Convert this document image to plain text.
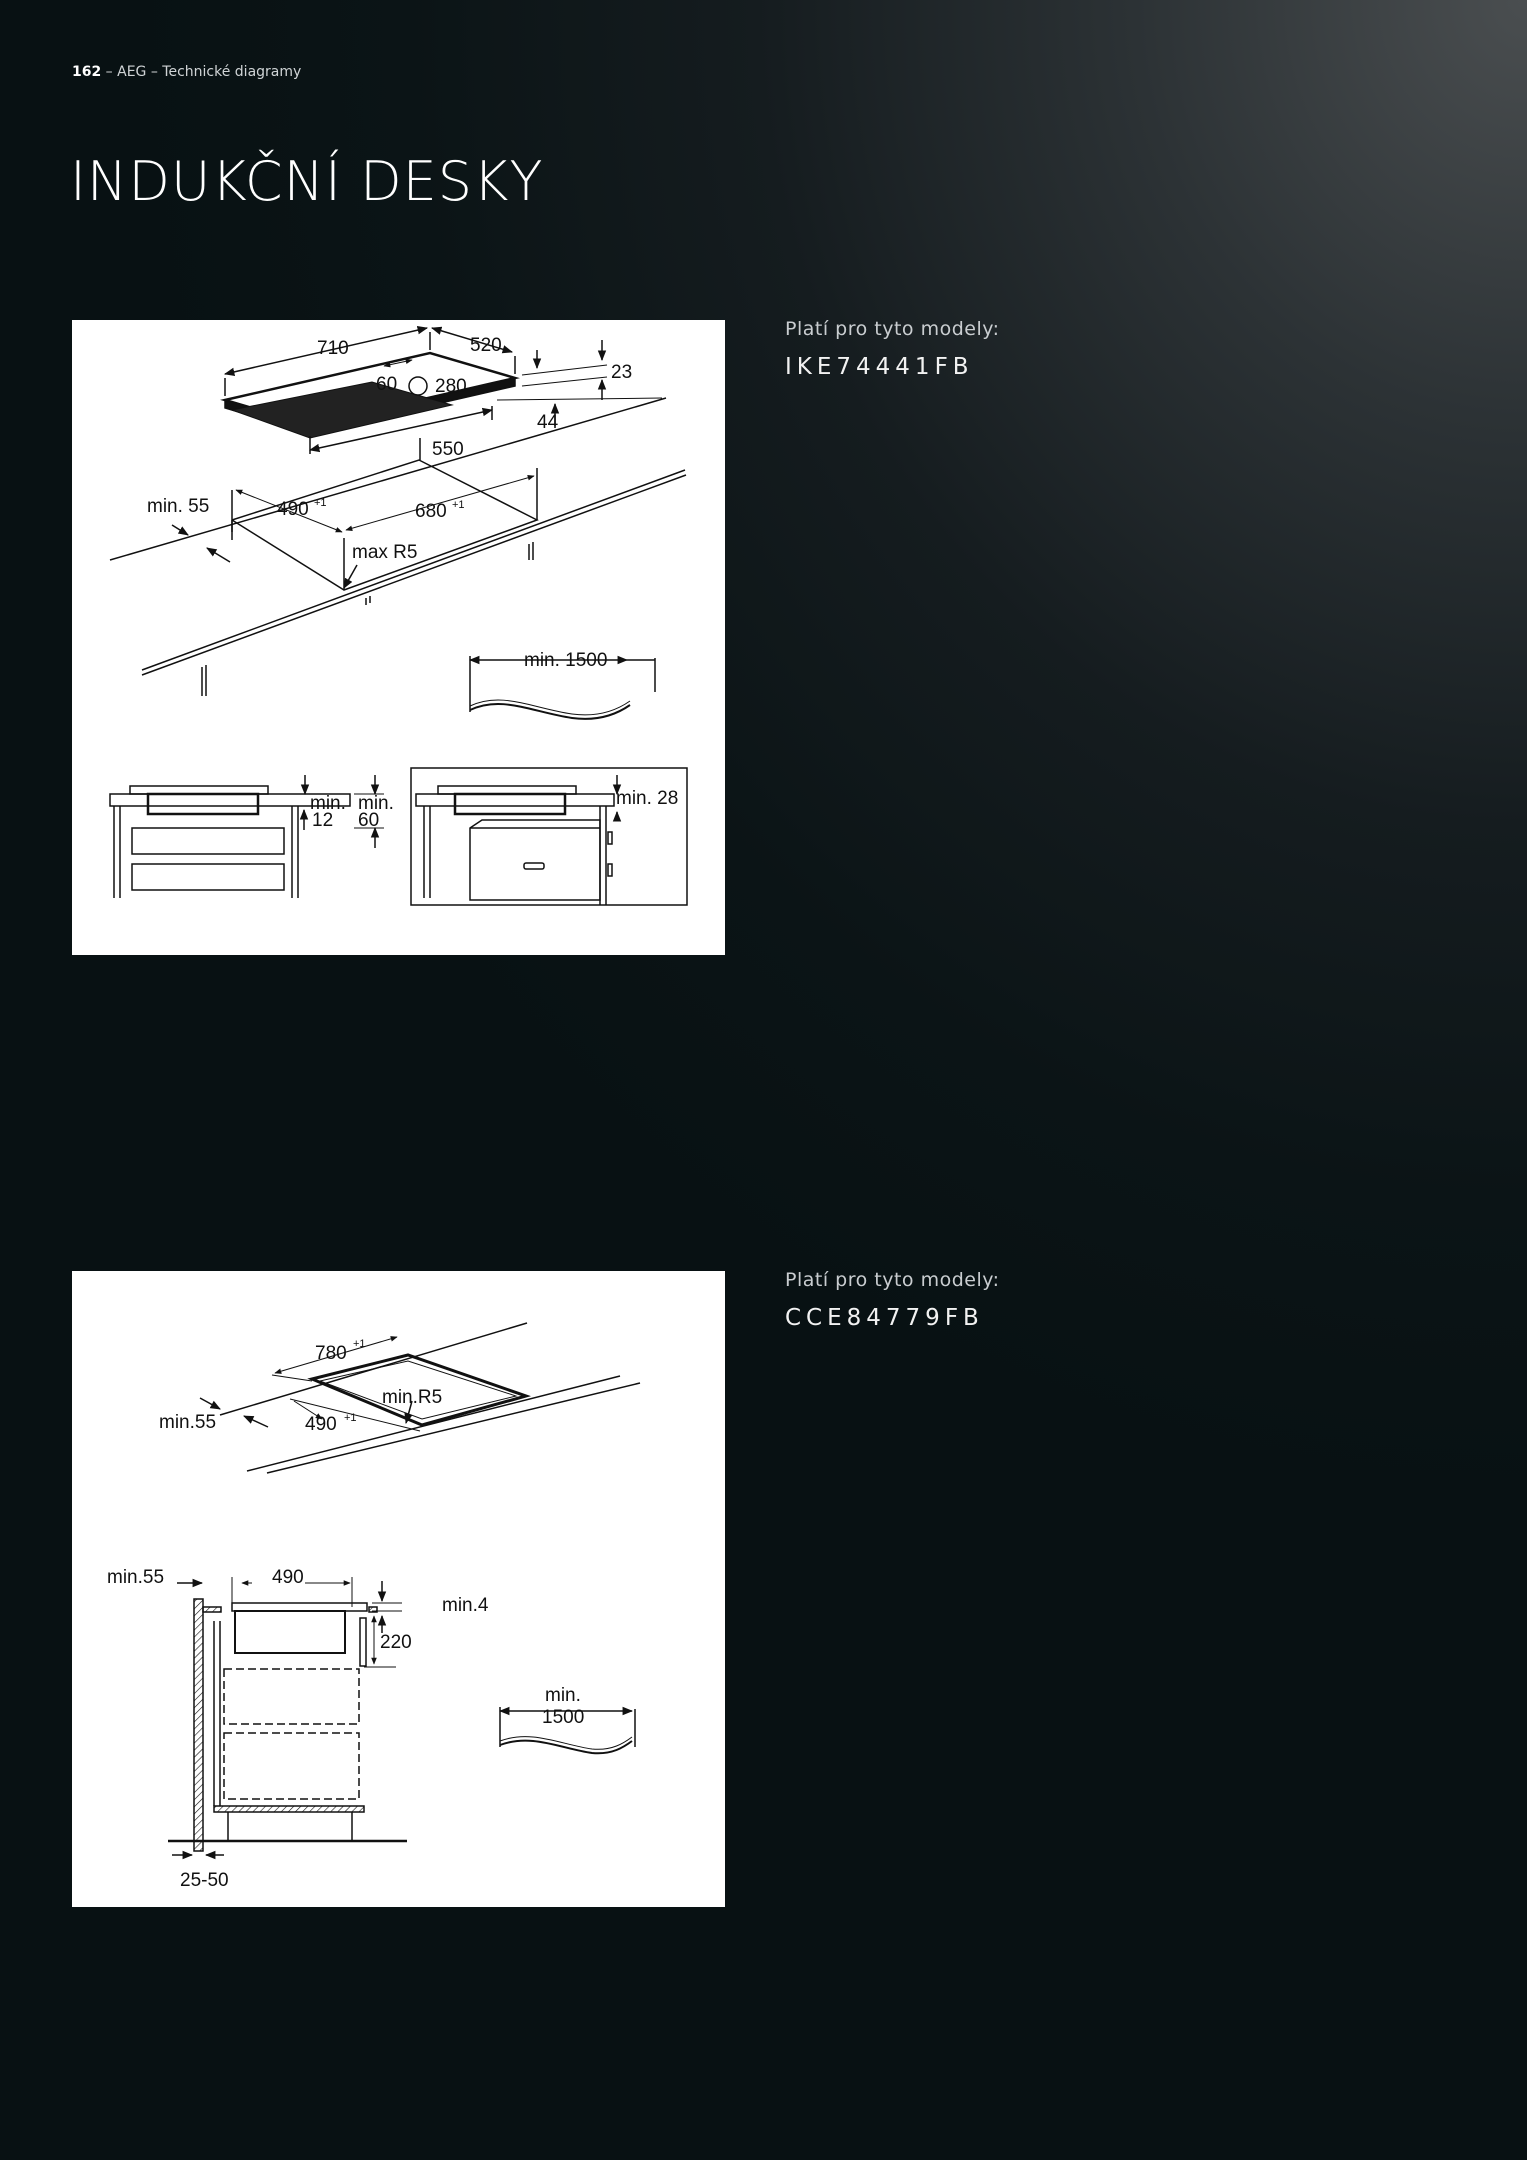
162 – AEG – Technické diagramy
INDUKČNÍ DESKY
710	520
60 280
23
44
550
min. 55	490 +1	680 +1
max R5
min. 1500
min.
12
min.
60
min. 28
Platí pro tyto modely:
IKE74441FB
780 +1
min.R5
min.55	490 +1
min.55	490
min.4
220
min.
1500
25-50
Platí pro tyto modely:
CCE84779FB
